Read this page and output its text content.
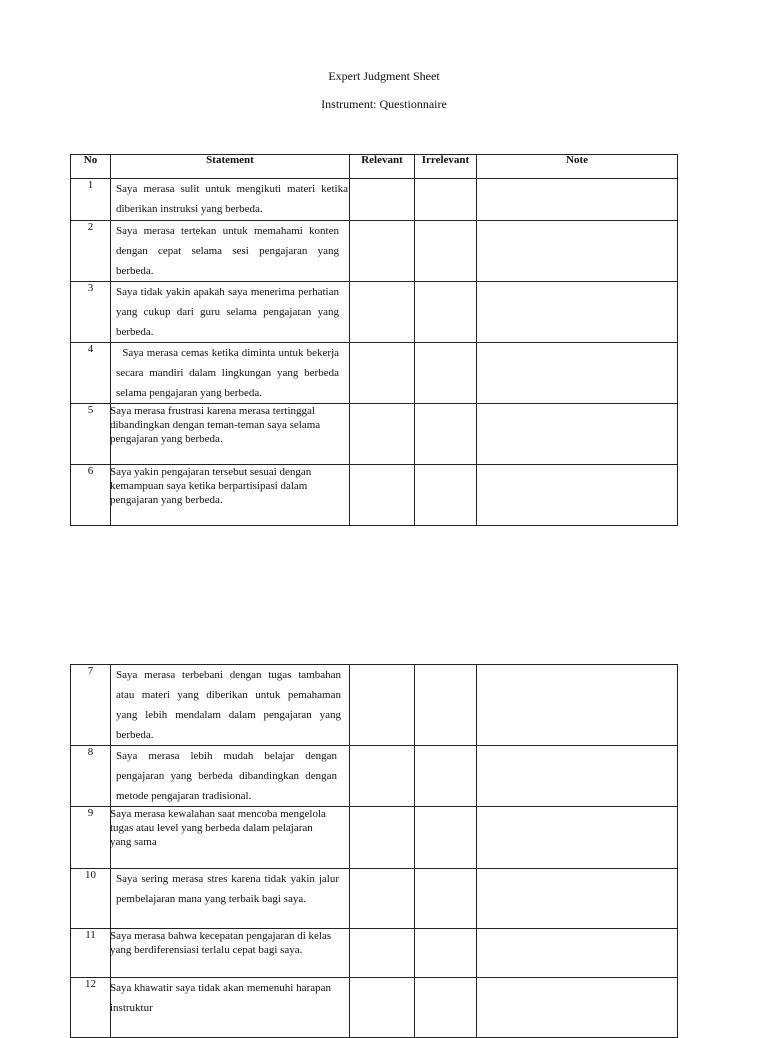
Expert Judgment Sheet
Instrument: Questionnaire
No	Statement	Relevant	Irrelevant	Note
1	Saya merasa sulit untuk mengikuti materi ketika diberikan instruksi yang berbeda.			

2	Saya merasa tertekan untuk memahami konten dengan cepat selama sesi pengajaran yang berbeda.			

3	Saya tidak yakin apakah saya menerima perhatian yang cukup dari guru selama pengajaran yang berbeda.			

4	Saya merasa cemas ketika diminta untuk bekerja secara mandiri dalam lingkungan yang berbeda selama pengajaran yang berbeda.			

5	Saya merasa frustrasi karena merasa tertinggal dibandingkan dengan teman-teman saya selama pengajaran yang berbeda.			

6	Saya yakin pengajaran tersebut sesuai dengan kemampuan saya ketika berpartisipasi dalam pengajaran yang berbeda.			

7	Saya merasa terbebani dengan tugas tambahan atau materi yang diberikan untuk pemahaman yang lebih mendalam dalam pengajaran yang berbeda.			

8	Saya merasa lebih mudah belajar dengan pengajaran yang berbeda dibandingkan dengan metode pengajaran tradisional.			

9	Saya merasa kewalahan saat mencoba mengelola tugas atau level yang berbeda dalam pelajaran yang sama			

10	Saya sering merasa stres karena tidak yakin jalur pembelajaran mana yang terbaik bagi saya.			

11	Saya merasa bahwa kecepatan pengajaran di kelas yang berdiferensiasi terlalu cepat bagi saya.			

12	Saya khawatir saya tidak akan memenuhi harapan instruktur			
